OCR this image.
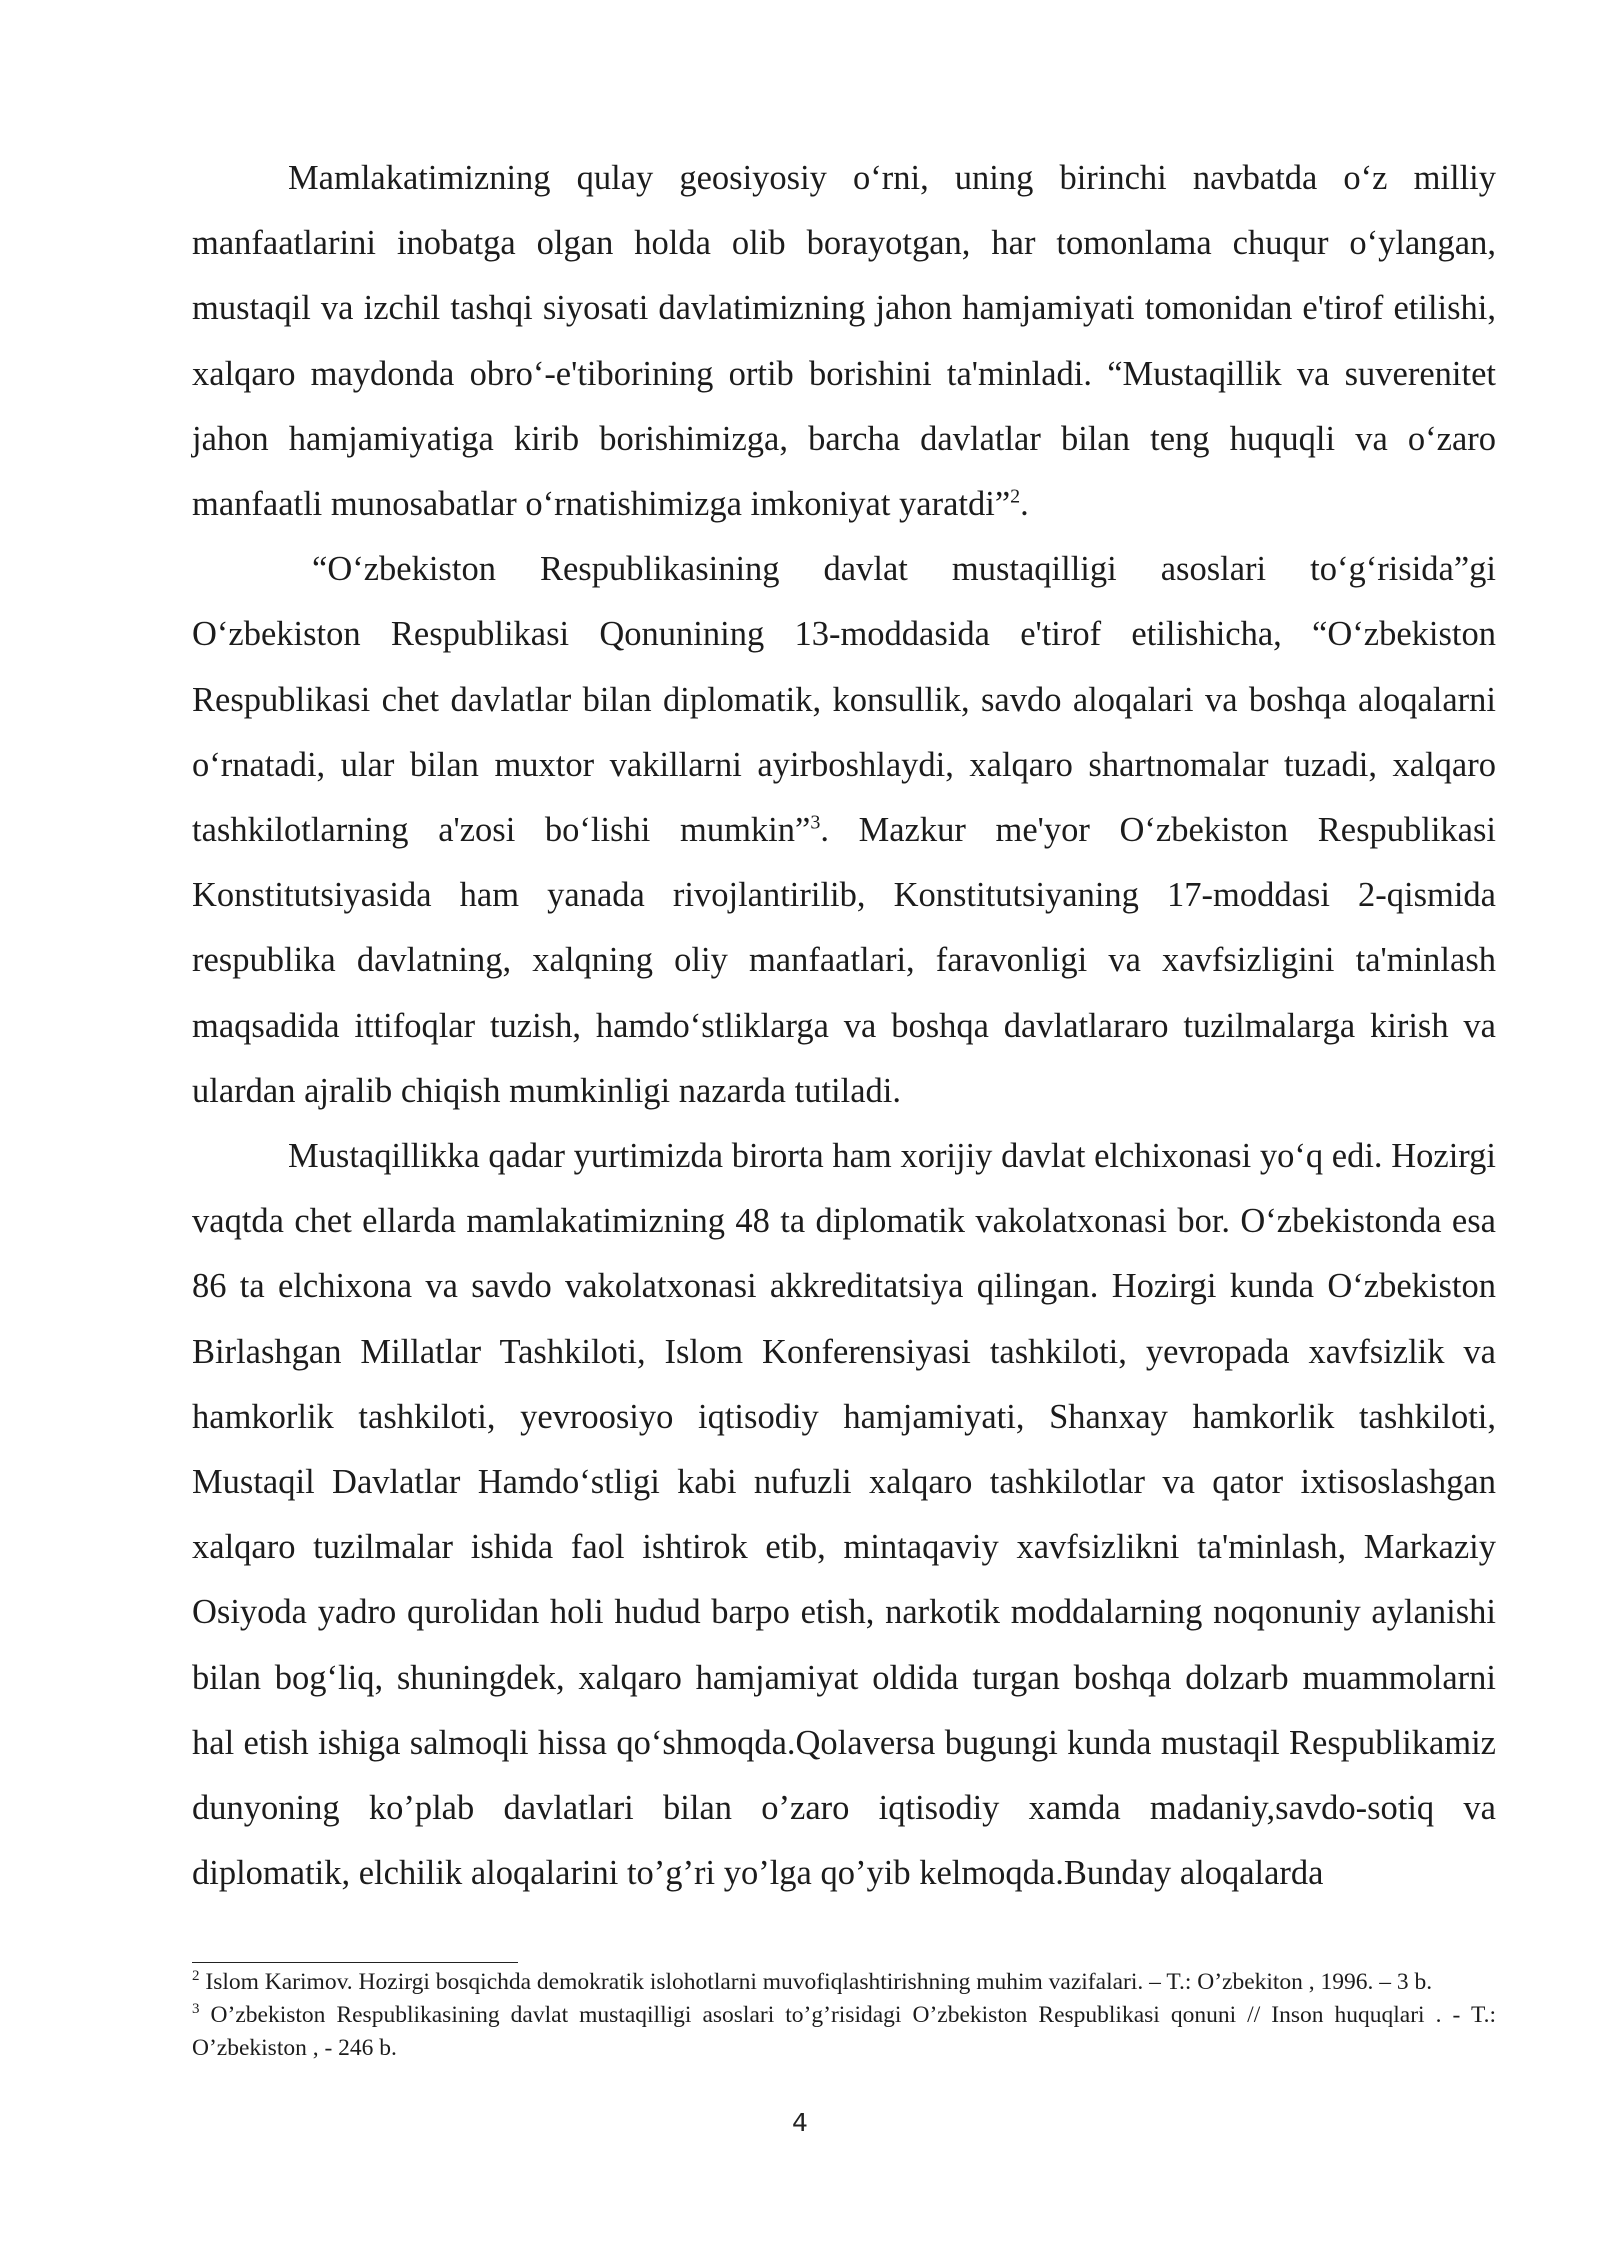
Mamlakatimizning qulay geosiyosiy o‘rni, uning birinchi navbatda o‘z milliy manfaatlarini inobatga olgan holda olib borayotgan, har tomonlama chuqur o‘ylangan, mustaqil va izchil tashqi siyosati davlatimizning jahon hamjamiyati tomonidan e'tirof etilishi, xalqaro maydonda obro‘-e'tiborining ortib borishini ta'minladi. “Mustaqillik va suverenitet jahon hamjamiyatiga kirib borishimizga, barcha davlatlar bilan teng huquqli va o‘zaro manfaatli munosabatlar o‘rnatishimizga imkoniyat yaratdi”$^2$.

“O‘zbekiston Respublikasining davlat mustaqilligi asoslari to‘g‘risida”gi O‘zbekiston Respublikasi Qonunining 13-moddasida e'tirof etilishicha, “O‘zbekiston Respublikasi chet davlatlar bilan diplomatik, konsullik, savdo aloqalari va boshqa aloqalarni o‘rnatadi, ular bilan muxtor vakillarni ayirboshlaydi, xalqaro shartnomalar tuzadi, xalqaro tashkilotlarning a'zosi bo‘lishi mumkin”$^3$. Mazkur me'yor O‘zbekiston Respublikasi Konstitutsiyasida ham yanada rivojlantirilib, Konstitutsiyaning 17-moddasi 2-qismida respublika davlatning, xalqning oliy manfaatlari, faravonligi va xavfsizligini ta'minlash maqsadida ittifoqlar tuzish, hamdo‘stliklarga va boshqa davlatlararo tuzilmalarga kirish va ulardan ajralib chiqish mumkinligi nazarda tutiladi.

Mustaqillikka qadar yurtimizda birorta ham xorijiy davlat elchixonasi yo‘q edi. Hozirgi vaqtda chet ellarda mamlakatimizning 48 ta diplomatik vakolatxonasi bor. O‘zbekistonda esa 86 ta elchixona va savdo vakolatxonasi akkreditatsiya qilingan. Hozirgi kunda O‘zbekiston Birlashgan Millatlar Tashkiloti, Islom Konferensiyasi tashkiloti, yevropada xavfsizlik va hamkorlik tashkiloti, yevroosiyo iqtisodiy hamjamiyati, Shanxay hamkorlik tashkiloti, Mustaqil Davlatlar Hamdo‘stligi kabi nufuzli xalqaro tashkilotlar va qator ixtisoslashgan xalqaro tuzilmalar ishida faol ishtirok etib, mintaqaviy xavfsizlikni ta'minlash, Markaziy Osiyoda yadro qurolidan holi hudud barpo etish, narkotik moddalarning noqonuniy aylanishi bilan bog‘liq, shuningdek, xalqaro hamjamiyat oldida turgan boshqa dolzarb muammolarni hal etish ishiga salmoqli hissa qo‘shmoqda.Qolaversa bugungi kunda mustaqil Respublikamiz dunyoning ko’plab davlatlari bilan o’zaro iqtisodiy xamda madaniy,savdo-sotiq va diplomatik, elchilik aloqalarini to’g’ri yo’lga qo’yib kelmoqda.Bunday aloqalarda

$^2$ Islom Karimov. Hozirgi bosqichda demokratik islohotlarni muvofiqlashtirishning muhim vazifalari. – T.: O’zbekiton , 1996. – 3 b.

$^3$ O’zbekiston Respublikasining davlat mustaqilligi asoslari to’g’risidagi O’zbekiston Respublikasi qonuni // Inson huquqlari . - T.: O’zbekiston , - 246 b.

4
